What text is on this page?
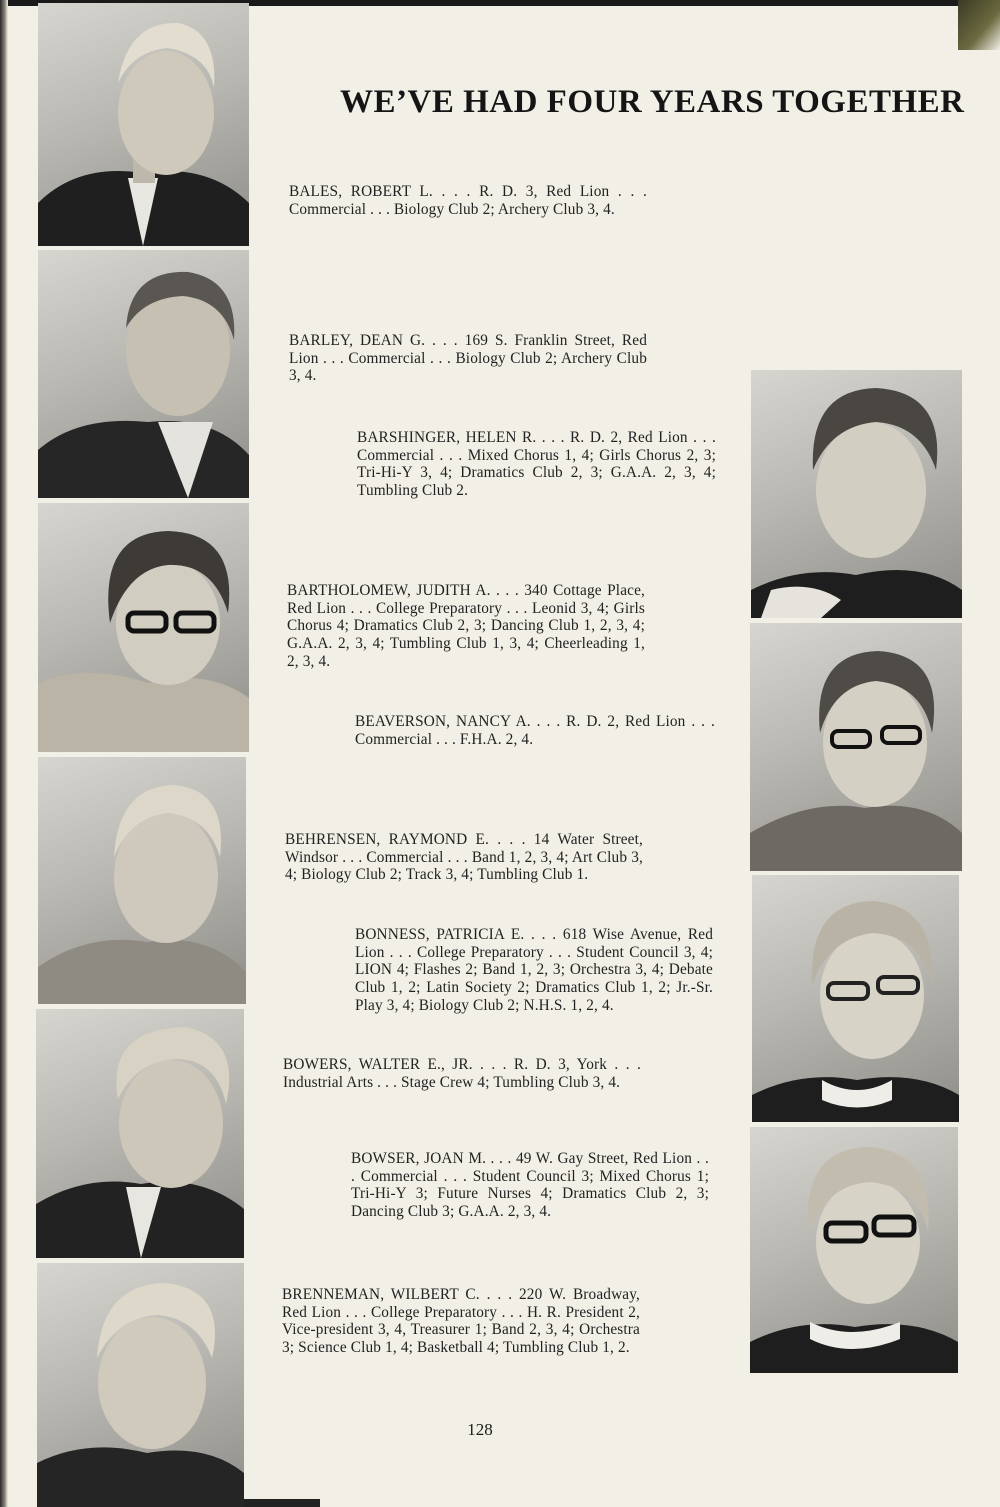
WE’VE HAD FOUR YEARS TOGETHER

BALES, ROBERT L. . . . R. D. 3, Red Lion . . . Commercial . . . Biology Club 2; Archery Club 3, 4.

BARLEY, DEAN G. . . . 169 S. Franklin Street, Red Lion . . . Commercial . . . Biology Club 2; Archery Club 3, 4.

BARSHINGER, HELEN R. . . . R. D. 2, Red Lion . . . Commercial . . . Mixed Chorus 1, 4; Girls Chorus 2, 3; Tri-Hi-Y 3, 4; Dramatics Club 2, 3; G.A.A. 2, 3, 4; Tumbling Club 2.

BARTHOLOMEW, JUDITH A. . . . 340 Cottage Place, Red Lion . . . College Preparatory . . . Leonid 3, 4; Girls Chorus 4; Dramatics Club 2, 3; Dancing Club 1, 2, 3, 4; G.A.A. 2, 3, 4; Tumbling Club 1, 3, 4; Cheerleading 1, 2, 3, 4.

BEAVERSON, NANCY A. . . . R. D. 2, Red Lion . . . Commercial . . . F.H.A. 2, 4.

BEHRENSEN, RAYMOND E. . . . 14 Water Street, Windsor . . . Commercial . . . Band 1, 2, 3, 4; Art Club 3, 4; Biology Club 2; Track 3, 4; Tumbling Club 1.

BONNESS, PATRICIA E. . . . 618 Wise Avenue, Red Lion . . . College Preparatory . . . Student Council 3, 4; LION 4; Flashes 2; Band 1, 2, 3; Orchestra 3, 4; Debate Club 1, 2; Latin Society 2; Dramatics Club 1, 2; Jr.-Sr. Play 3, 4; Biology Club 2; N.H.S. 1, 2, 4.

BOWERS, WALTER E., JR. . . . R. D. 3, York . . . Industrial Arts . . . Stage Crew 4; Tumbling Club 3, 4.

BOWSER, JOAN M. . . . 49 W. Gay Street, Red Lion . . . Commercial . . . Student Council 3; Mixed Chorus 1; Tri-Hi-Y 3; Future Nurses 4; Dramatics Club 2, 3; Dancing Club 3; G.A.A. 2, 3, 4.

BRENNEMAN, WILBERT C. . . . 220 W. Broadway, Red Lion . . . College Preparatory . . . H. R. President 2, Vice-president 3, 4, Treasurer 1; Band 2, 3, 4; Orchestra 3; Science Club 1, 4; Basketball 4; Tumbling Club 1, 2.

128
